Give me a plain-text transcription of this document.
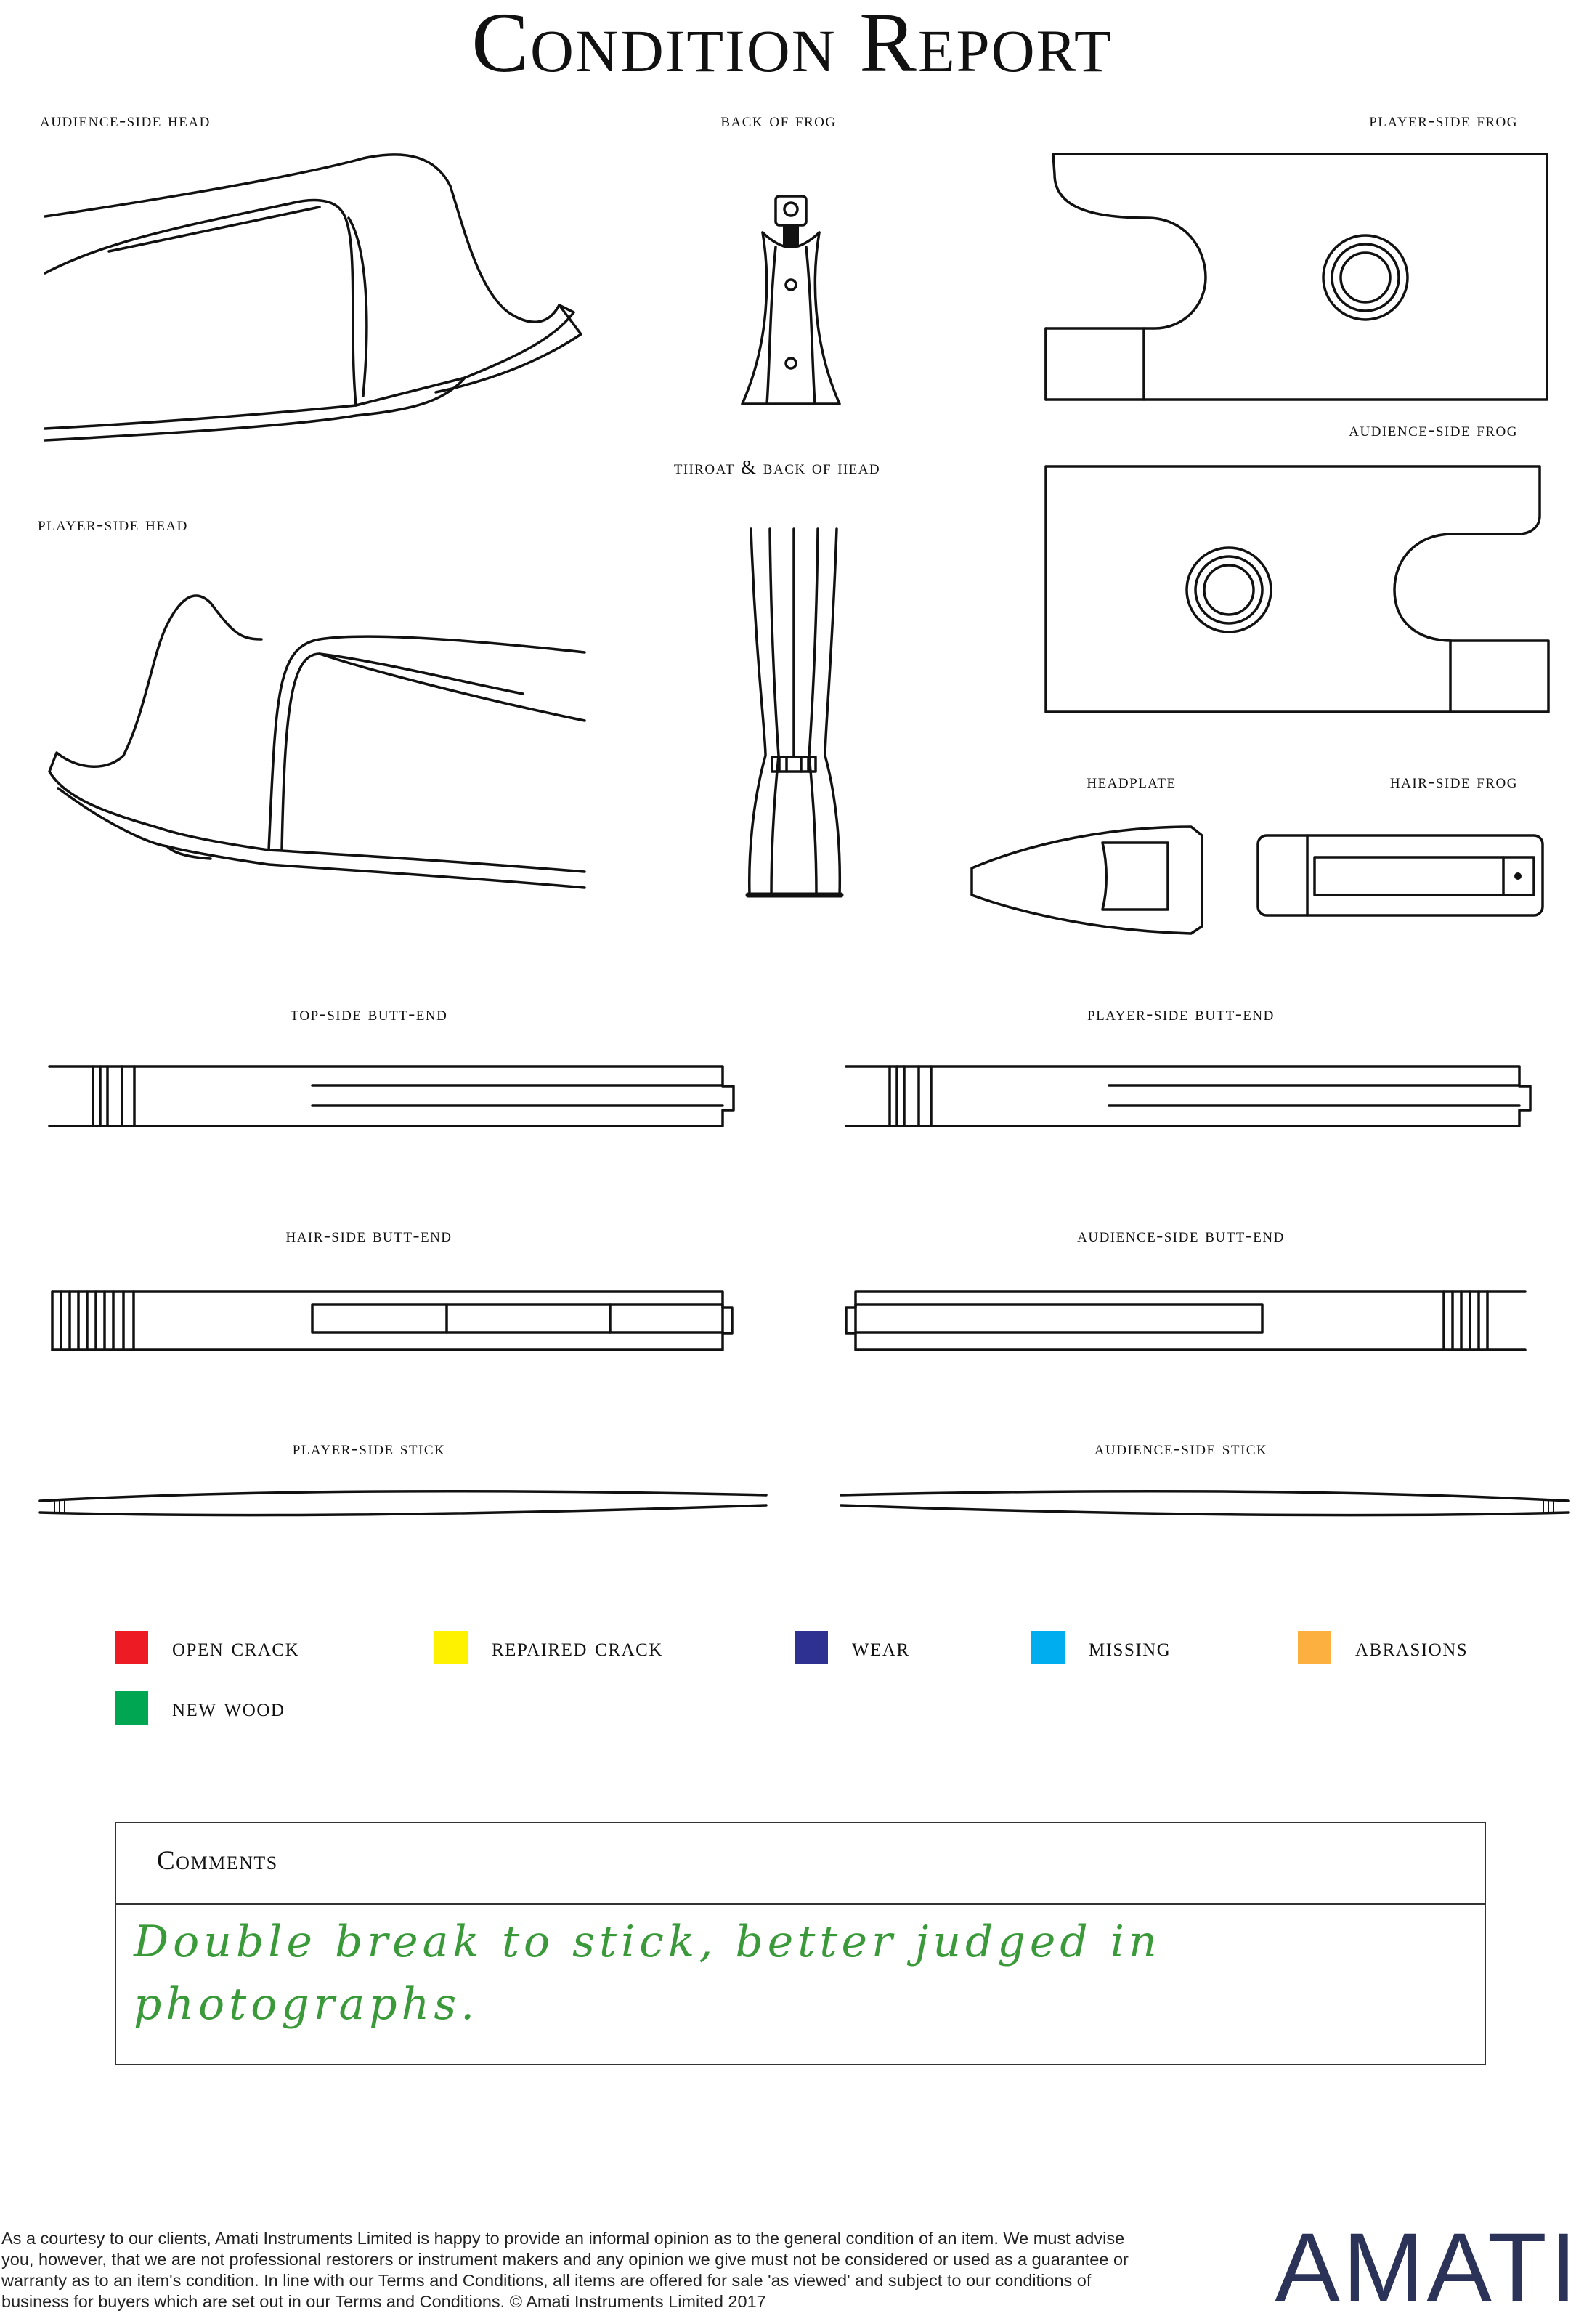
Condition Report
audience-side head	back of frog	player-side frog
audience-side frog
throat & back of head
player-side head
headplate	hair-side frog
top-side butt-end	player-side butt-end
hair-side butt-end	audience-side butt-end
player-side stick	audience-side stick
open crack	repaired crack	wear	missing	abrasions
new wood
Comments
Double break to stick, better judged in photographs.
As a courtesy to our clients, Amati Instruments Limited is happy to provide an informal opinion as to the general condition of an item. We must advise you, however, that we are not professional restorers or instrument makers and any opinion we give must not be considered or used as a guarantee or warranty as to an item's condition. In line with our Terms and Conditions, all items are offered for sale 'as viewed' and subject to our conditions of business for buyers which are set out in our Terms and Conditions. © Amati Instruments Limited 2017	AMATI
